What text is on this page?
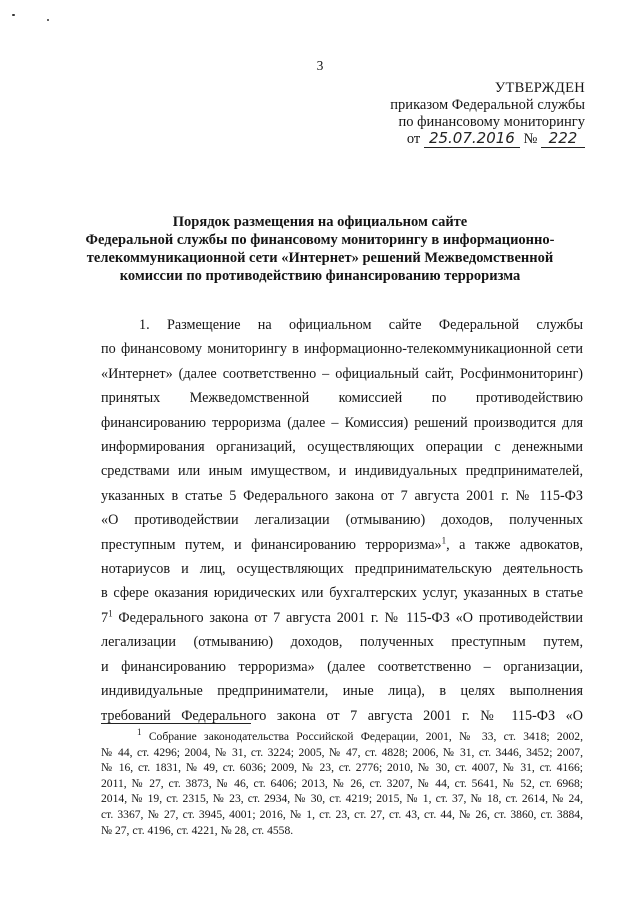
3
УТВЕРЖДЕН
приказом Федеральной службы
по финансовому мониторингу
от 25.07.2016 № 222
Порядок размещения на официальном сайте
Федеральной службы по финансовому мониторингу в информационно-
телекоммуникационной сети «Интернет» решений Межведомственной
комиссии по противодействию финансированию терроризма
1. Размещение на официальном сайте Федеральной службы
по финансовому мониторингу в информационно-телекоммуникационной сети
«Интернет» (далее соответственно – официальный сайт, Росфинмониторинг)
принятых Межведомственной комиссией по противодействию
финансированию терроризма (далее – Комиссия) решений производится для
информирования организаций, осуществляющих операции с денежными
средствами или иным имуществом, и индивидуальных предпринимателей,
указанных в статье 5 Федерального закона от 7 августа 2001 г. № 115-ФЗ
«О противодействии легализации (отмыванию) доходов, полученных
преступным путем, и финансированию терроризма»$^1$, а также адвокатов,
нотариусов и лиц, осуществляющих предпринимательскую деятельность
в сфере оказания юридических или бухгалтерских услуг, указанных в статье
$7^1$ Федерального закона от 7 августа 2001 г. № 115-ФЗ «О противодействии
легализации (отмыванию) доходов, полученных преступным путем,
и финансированию терроризма» (далее соответственно – организации,
индивидуальные предприниматели, иные лица), в целях выполнения
требований Федерального закона от 7 августа 2001 г. № 115-ФЗ «О
$^1$ Собрание законодательства Российской Федерации, 2001, № 33, ст. 3418; 2002,
№ 44, ст. 4296; 2004, № 31, ст. 3224; 2005, № 47, ст. 4828; 2006, № 31, ст. 3446, 3452; 2007,
№ 16, ст. 1831, № 49, ст. 6036; 2009, № 23, ст. 2776; 2010, № 30, ст. 4007, № 31, ст. 4166;
2011, № 27, ст. 3873, № 46, ст. 6406; 2013, № 26, ст. 3207, № 44, ст. 5641, № 52, ст. 6968;
2014, № 19, ст. 2315, № 23, ст. 2934, № 30, ст. 4219; 2015, № 1, ст. 37, № 18, ст. 2614, № 24,
ст. 3367, № 27, ст. 3945, 4001; 2016, № 1, ст. 23, ст. 27, ст. 43, ст. 44, № 26, ст. 3860, ст. 3884,
№ 27, ст. 4196, ст. 4221, № 28, ст. 4558.
